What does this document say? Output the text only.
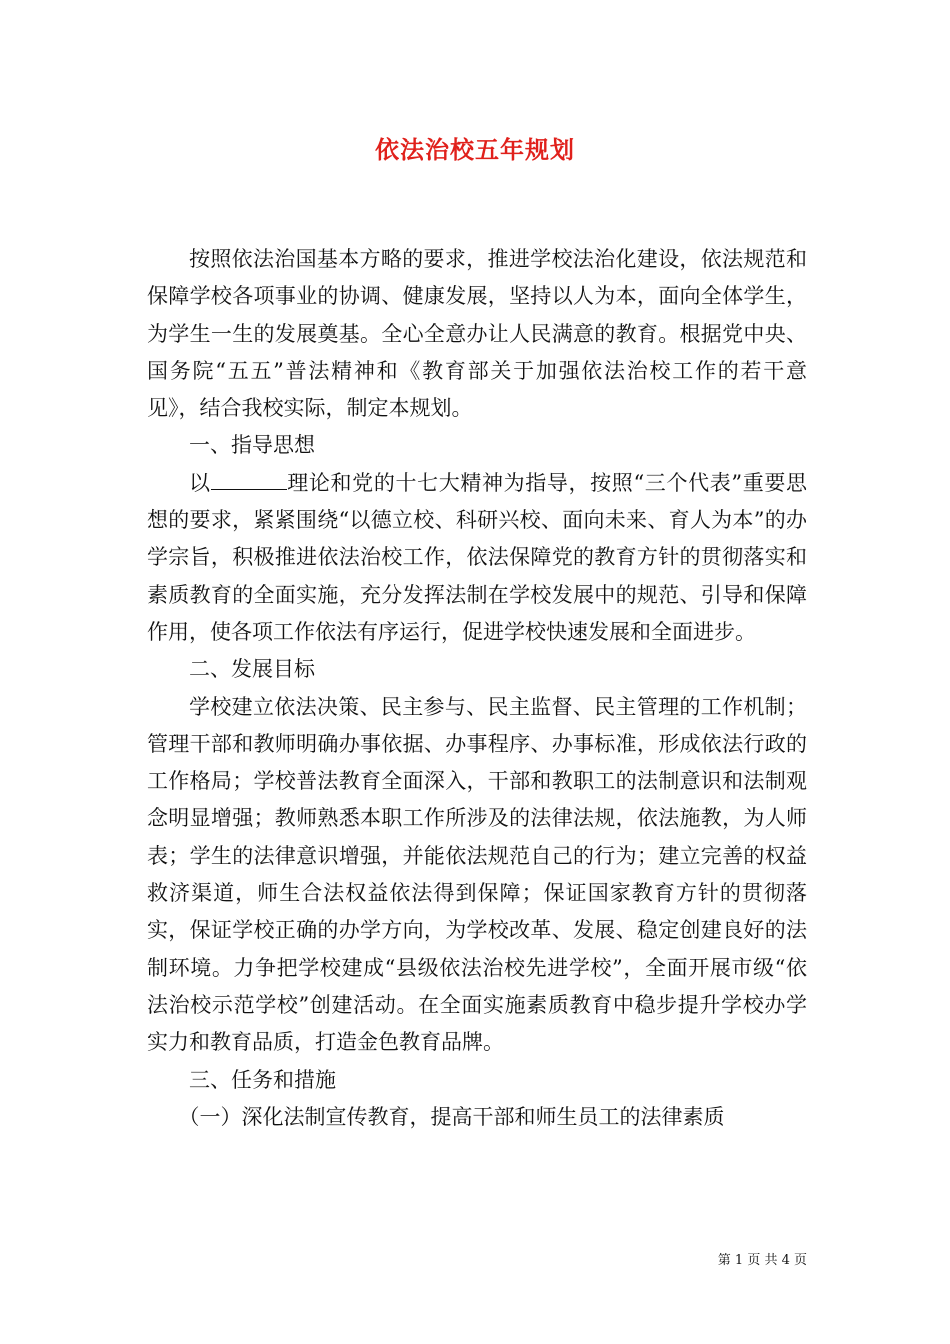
依法治校五年规划

按照依法治国基本方略的要求，推进学校法治化建设，依法规范和保障学校各项事业的协调、健康发展，坚持以人为本，面向全体学生，为学生一生的发展奠基。全心全意办让人民满意的教育。根据党中央、国务院“五五”普法精神和《教育部关于加强依法治校工作的若干意见》，结合我校实际，制定本规划。

一、指导思想

以	理论和党的十七大精神为指导，按照“三个代表”重要思想的要求，紧紧围绕“以德立校、科研兴校、面向未来、育人为本”的办学宗旨，积极推进依法治校工作，依法保障党的教育方针的贯彻落实和素质教育的全面实施，充分发挥法制在学校发展中的规范、引导和保障作用，使各项工作依法有序运行，促进学校快速发展和全面进步。

二、发展目标

学校建立依法决策、民主参与、民主监督、民主管理的工作机制；管理干部和教师明确办事依据、办事程序、办事标准，形成依法行政的工作格局；学校普法教育全面深入，干部和教职工的法制意识和法制观念明显增强；教师熟悉本职工作所涉及的法律法规，依法施教，为人师表；学生的法律意识增强，并能依法规范自己的行为；建立完善的权益救济渠道，师生合法权益依法得到保障；保证国家教育方针的贯彻落实，保证学校正确的办学方向，为学校改革、发展、稳定创建良好的法制环境。力争把学校建成“县级依法治校先进学校”，全面开展市级“依法治校示范学校”创建活动。在全面实施素质教育中稳步提升学校办学实力和教育品质，打造金色教育品牌。

三、任务和措施

（一）深化法制宣传教育，提高干部和师生员工的法律素质

第 1 页 共 4 页
